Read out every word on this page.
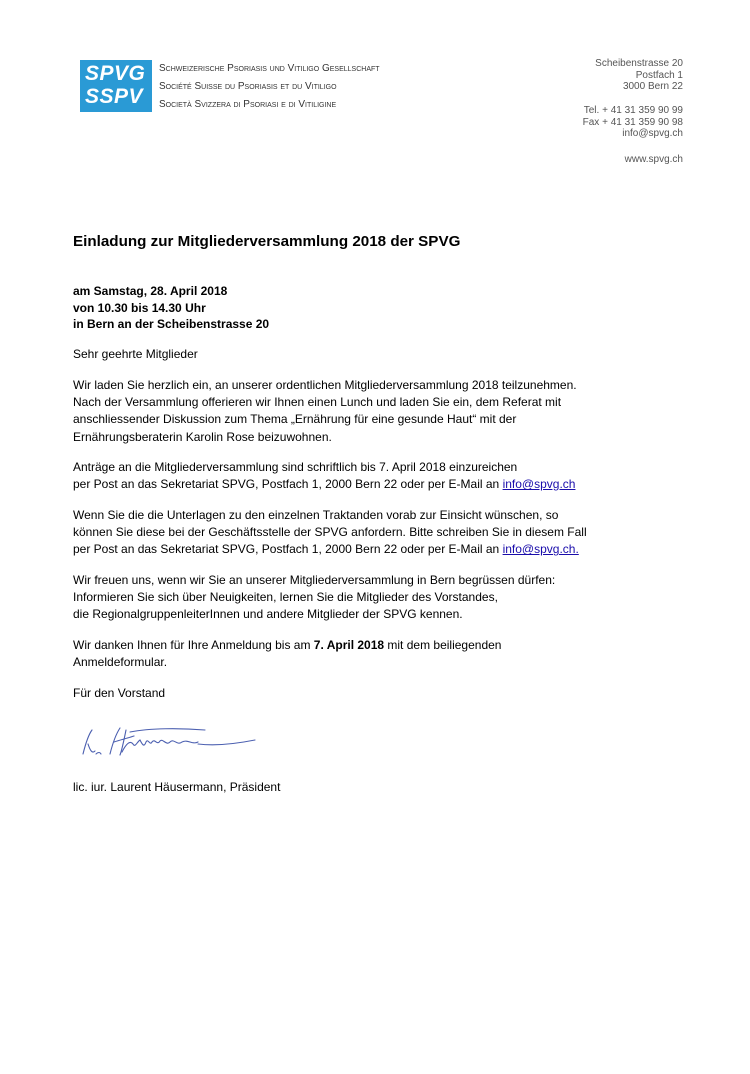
SPVG
SSPV
Schweizerische Psoriasis und Vitiligo Gesellschaft
Société Suisse du Psoriasis et du Vitiligo
Società Svizzera di Psoriasi e di Vitiligine
Scheibenstrasse 20
Postfach 1
3000 Bern 22
Tel. + 41 31 359 90 99
Fax + 41 31 359 90 98
info@spvg.ch
www.spvg.ch
Einladung zur Mitgliederversammlung 2018 der SPVG
am Samstag, 28. April 2018
von 10.30 bis 14.30 Uhr
in Bern an der Scheibenstrasse 20
Sehr geehrte Mitglieder
Wir laden Sie herzlich ein, an unserer ordentlichen Mitgliederversammlung 2018 teilzunehmen.
Nach der Versammlung offerieren wir Ihnen einen Lunch und laden Sie ein, dem Referat mit
anschliessender Diskussion zum Thema „Ernährung für eine gesunde Haut“ mit der
Ernährungsberaterin Karolin Rose beizuwohnen.
Anträge an die Mitgliederversammlung sind schriftlich bis 7. April 2018 einzureichen
per Post an das Sekretariat SPVG, Postfach 1, 2000 Bern 22 oder per E-Mail an info@spvg.ch
Wenn Sie die die Unterlagen zu den einzelnen Traktanden vorab zur Einsicht wünschen, so
können Sie diese bei der Geschäftsstelle der SPVG anfordern. Bitte schreiben Sie in diesem Fall
per Post an das Sekretariat SPVG, Postfach 1, 2000 Bern 22 oder per E-Mail an info@spvg.ch.
Wir freuen uns, wenn wir Sie an unserer Mitgliederversammlung in Bern begrüssen dürfen:
Informieren Sie sich über Neuigkeiten, lernen Sie die Mitglieder des Vorstandes,
die RegionalgruppenleiterInnen und andere Mitglieder der SPVG kennen.
Wir danken Ihnen für Ihre Anmeldung bis am 7. April 2018 mit dem beiliegenden
Anmeldeformular.
Für den Vorstand
lic. iur. Laurent Häusermann, Präsident
